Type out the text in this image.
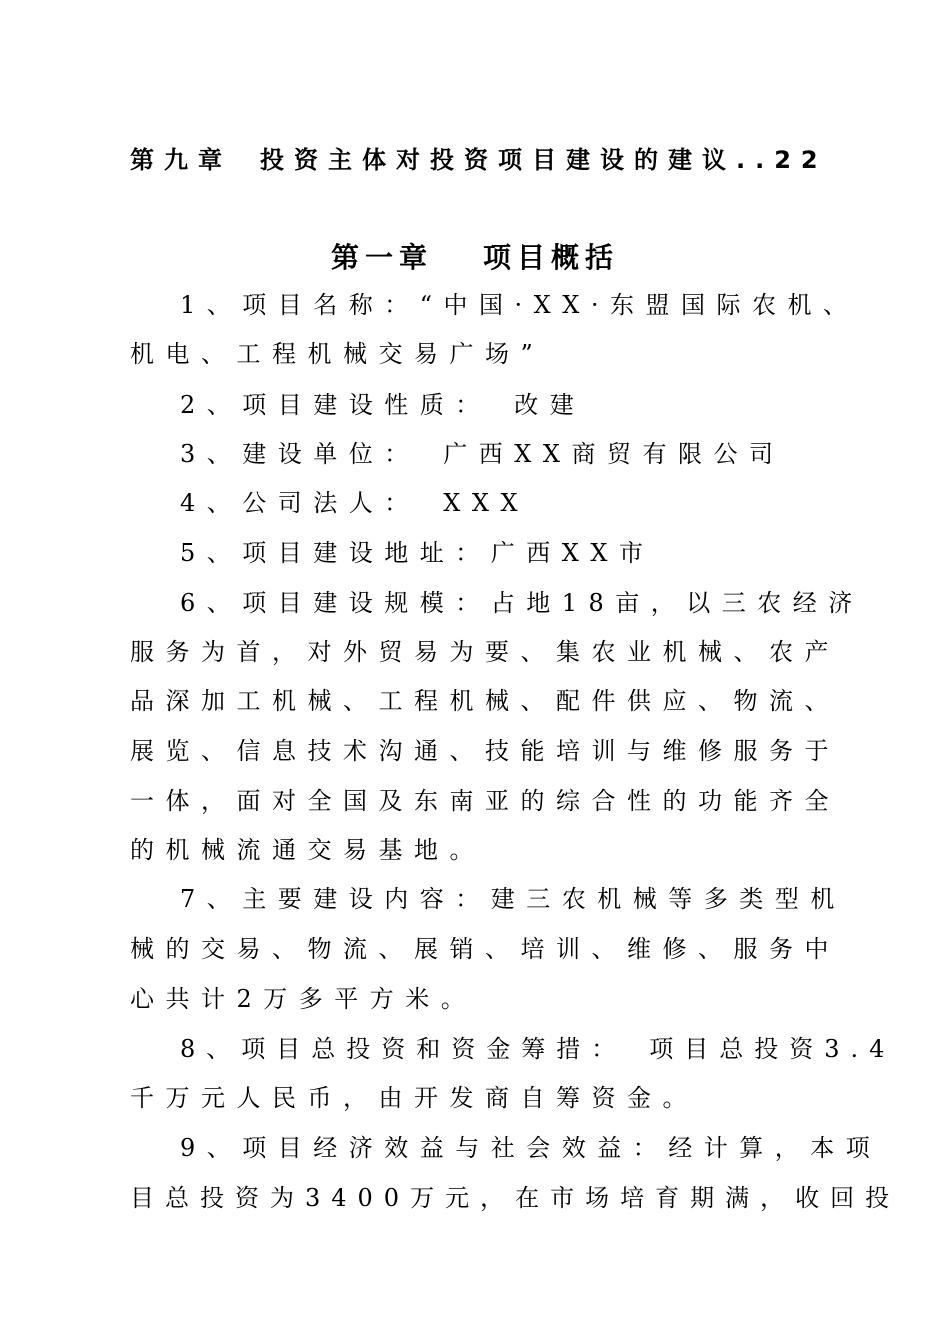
第九章 投资主体对投资项目建设的建议..22
第一章 项目概括
1、项目名称：“中国·XX·东盟国际农机、
机电、工程机械交易广场”
2、项目建设性质：　改建
3、建设单位：　广西XX商贸有限公司
4、公司法人：　XXX
5、项目建设地址：广西XX市
6、项目建设规模：占地18亩，以三农经济
服务为首，对外贸易为要、集农业机械、农产
品深加工机械、工程机械、配件供应、物流、
展览、信息技术沟通、技能培训与维修服务于
一体，面对全国及东南亚的综合性的功能齐全
的机械流通交易基地。
7、主要建设内容：建三农机械等多类型机
械的交易、物流、展销、培训、维修、服务中
心共计2万多平方米。
8、项目总投资和资金筹措：　项目总投资3.4
千万元人民币，由开发商自筹资金。
9、项目经济效益与社会效益：经计算，本项
目总投资为3400万元，在市场培育期满，收回投
